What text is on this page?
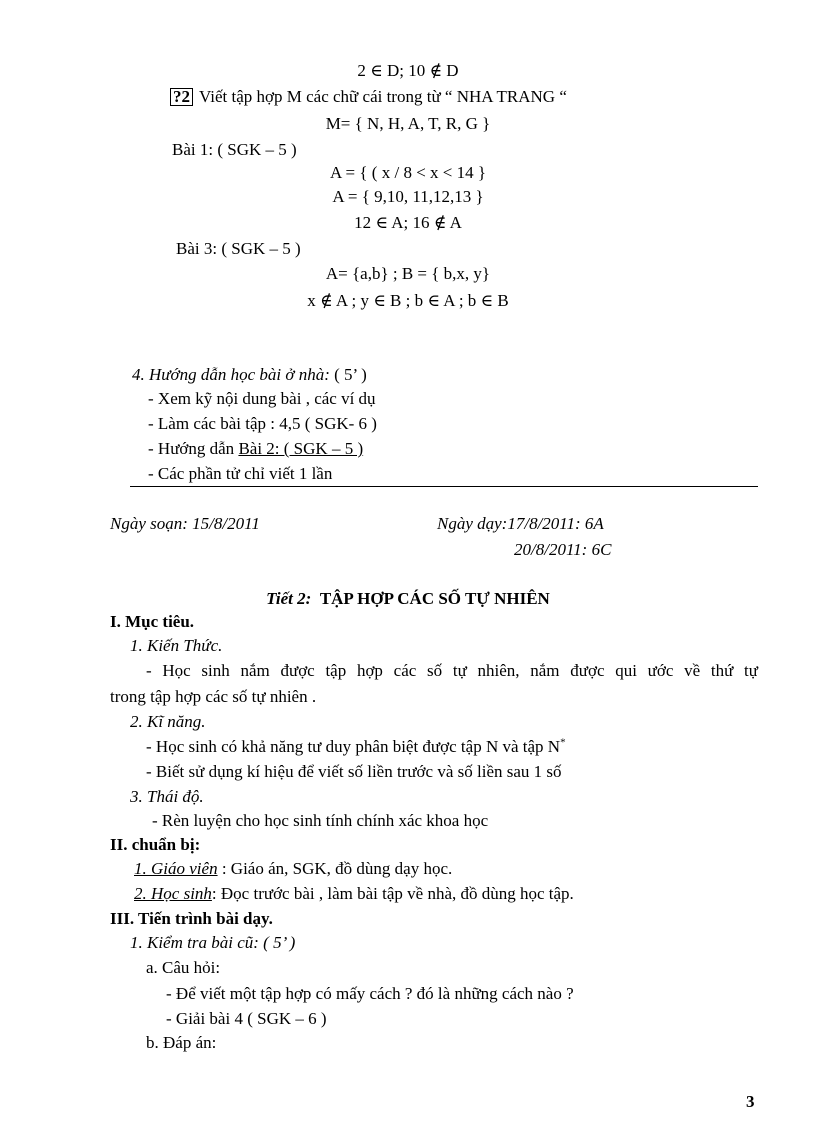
2 ∈ D; 10 ∉ D
?2 Viết tập hợp M các chữ cái trong từ “ NHA TRANG “
M= { N, H, A, T, R, G }
Bài 1: ( SGK – 5 )
A = { ( x / 8 < x < 14 }
A = { 9,10, 11,12,13 }
12 ∈ A; 16 ∉ A
Bài 3: ( SGK – 5 )
A= {a,b} ; B = { b,x, y}
x ∉ A ; y ∈ B ; b ∈ A ; b ∈ B
4. Hướng dẫn học bài ở nhà: ( 5’ )
- Xem kỹ nội dung bài , các ví dụ
- Làm các bài tập : 4,5 ( SGK- 6 )
- Hướng dẫn Bài 2: ( SGK – 5 )
- Các phần tử chỉ viết 1 lần
Ngày soạn: 15/8/2011	Ngày dạy:17/8/2011: 6A
20/8/2011: 6C
Tiết 2: TẬP HỢP CÁC SỐ TỰ NHIÊN
I. Mục tiêu.
1. Kiến Thức.
- Học sinh nắm được tập hợp các số tự nhiên, nắm được qui ước về thứ tự
trong tập hợp các số tự nhiên .
2. Kĩ năng.
- Học sinh có khả năng tư duy phân biệt được tập N và tập N*
- Biết sử dụng kí hiệu để viết số liền trước và số liền sau 1 số
3. Thái độ.
- Rèn luyện cho học sinh tính chính xác khoa học
II. chuẩn bị:
1. Giáo viên : Giáo án, SGK, đồ dùng dạy học.
2. Học sinh: Đọc trước bài , làm bài tập về nhà, đồ dùng học tập.
III. Tiến trình bài dạy.
1. Kiểm tra bài cũ: ( 5’ )
a. Câu hỏi:
- Để viết một tập hợp có mấy cách ? đó là những cách nào ?
- Giải bài 4 ( SGK – 6 )
b. Đáp án:
3
